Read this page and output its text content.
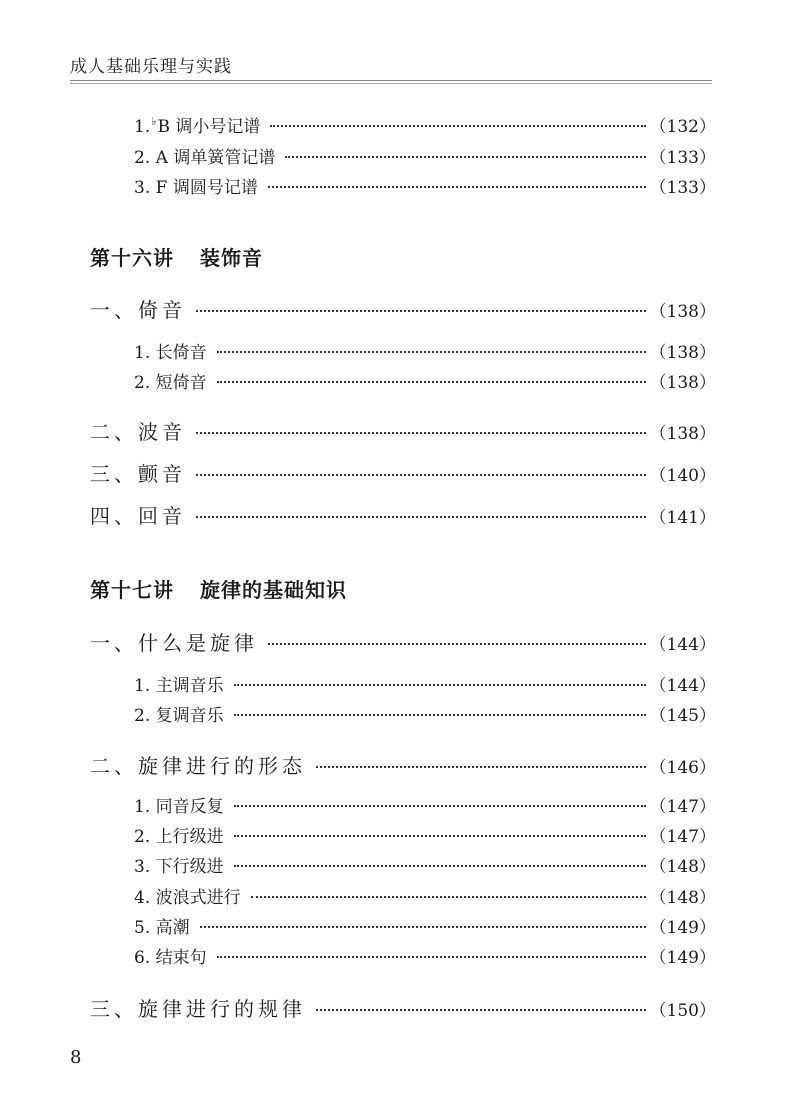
成人基础乐理与实践
1.♭B 调小号记谱	（132）
2. A 调单簧管记谱	（133）
3. F 调圆号记谱	（133）
第十六讲 装饰音
一、倚音	（138）
1. 长倚音	（138）
2. 短倚音	（138）
二、波音	（138）
三、颤音	（140）
四、回音	（141）
第十七讲 旋律的基础知识
一、什么是旋律	（144）
1. 主调音乐	（144）
2. 复调音乐	（145）
二、旋律进行的形态	（146）
1. 同音反复	（147）
2. 上行级进	（147）
3. 下行级进	（148）
4. 波浪式进行	（148）
5. 高潮	（149）
6. 结束句	（149）
三、旋律进行的规律	（150）
8
